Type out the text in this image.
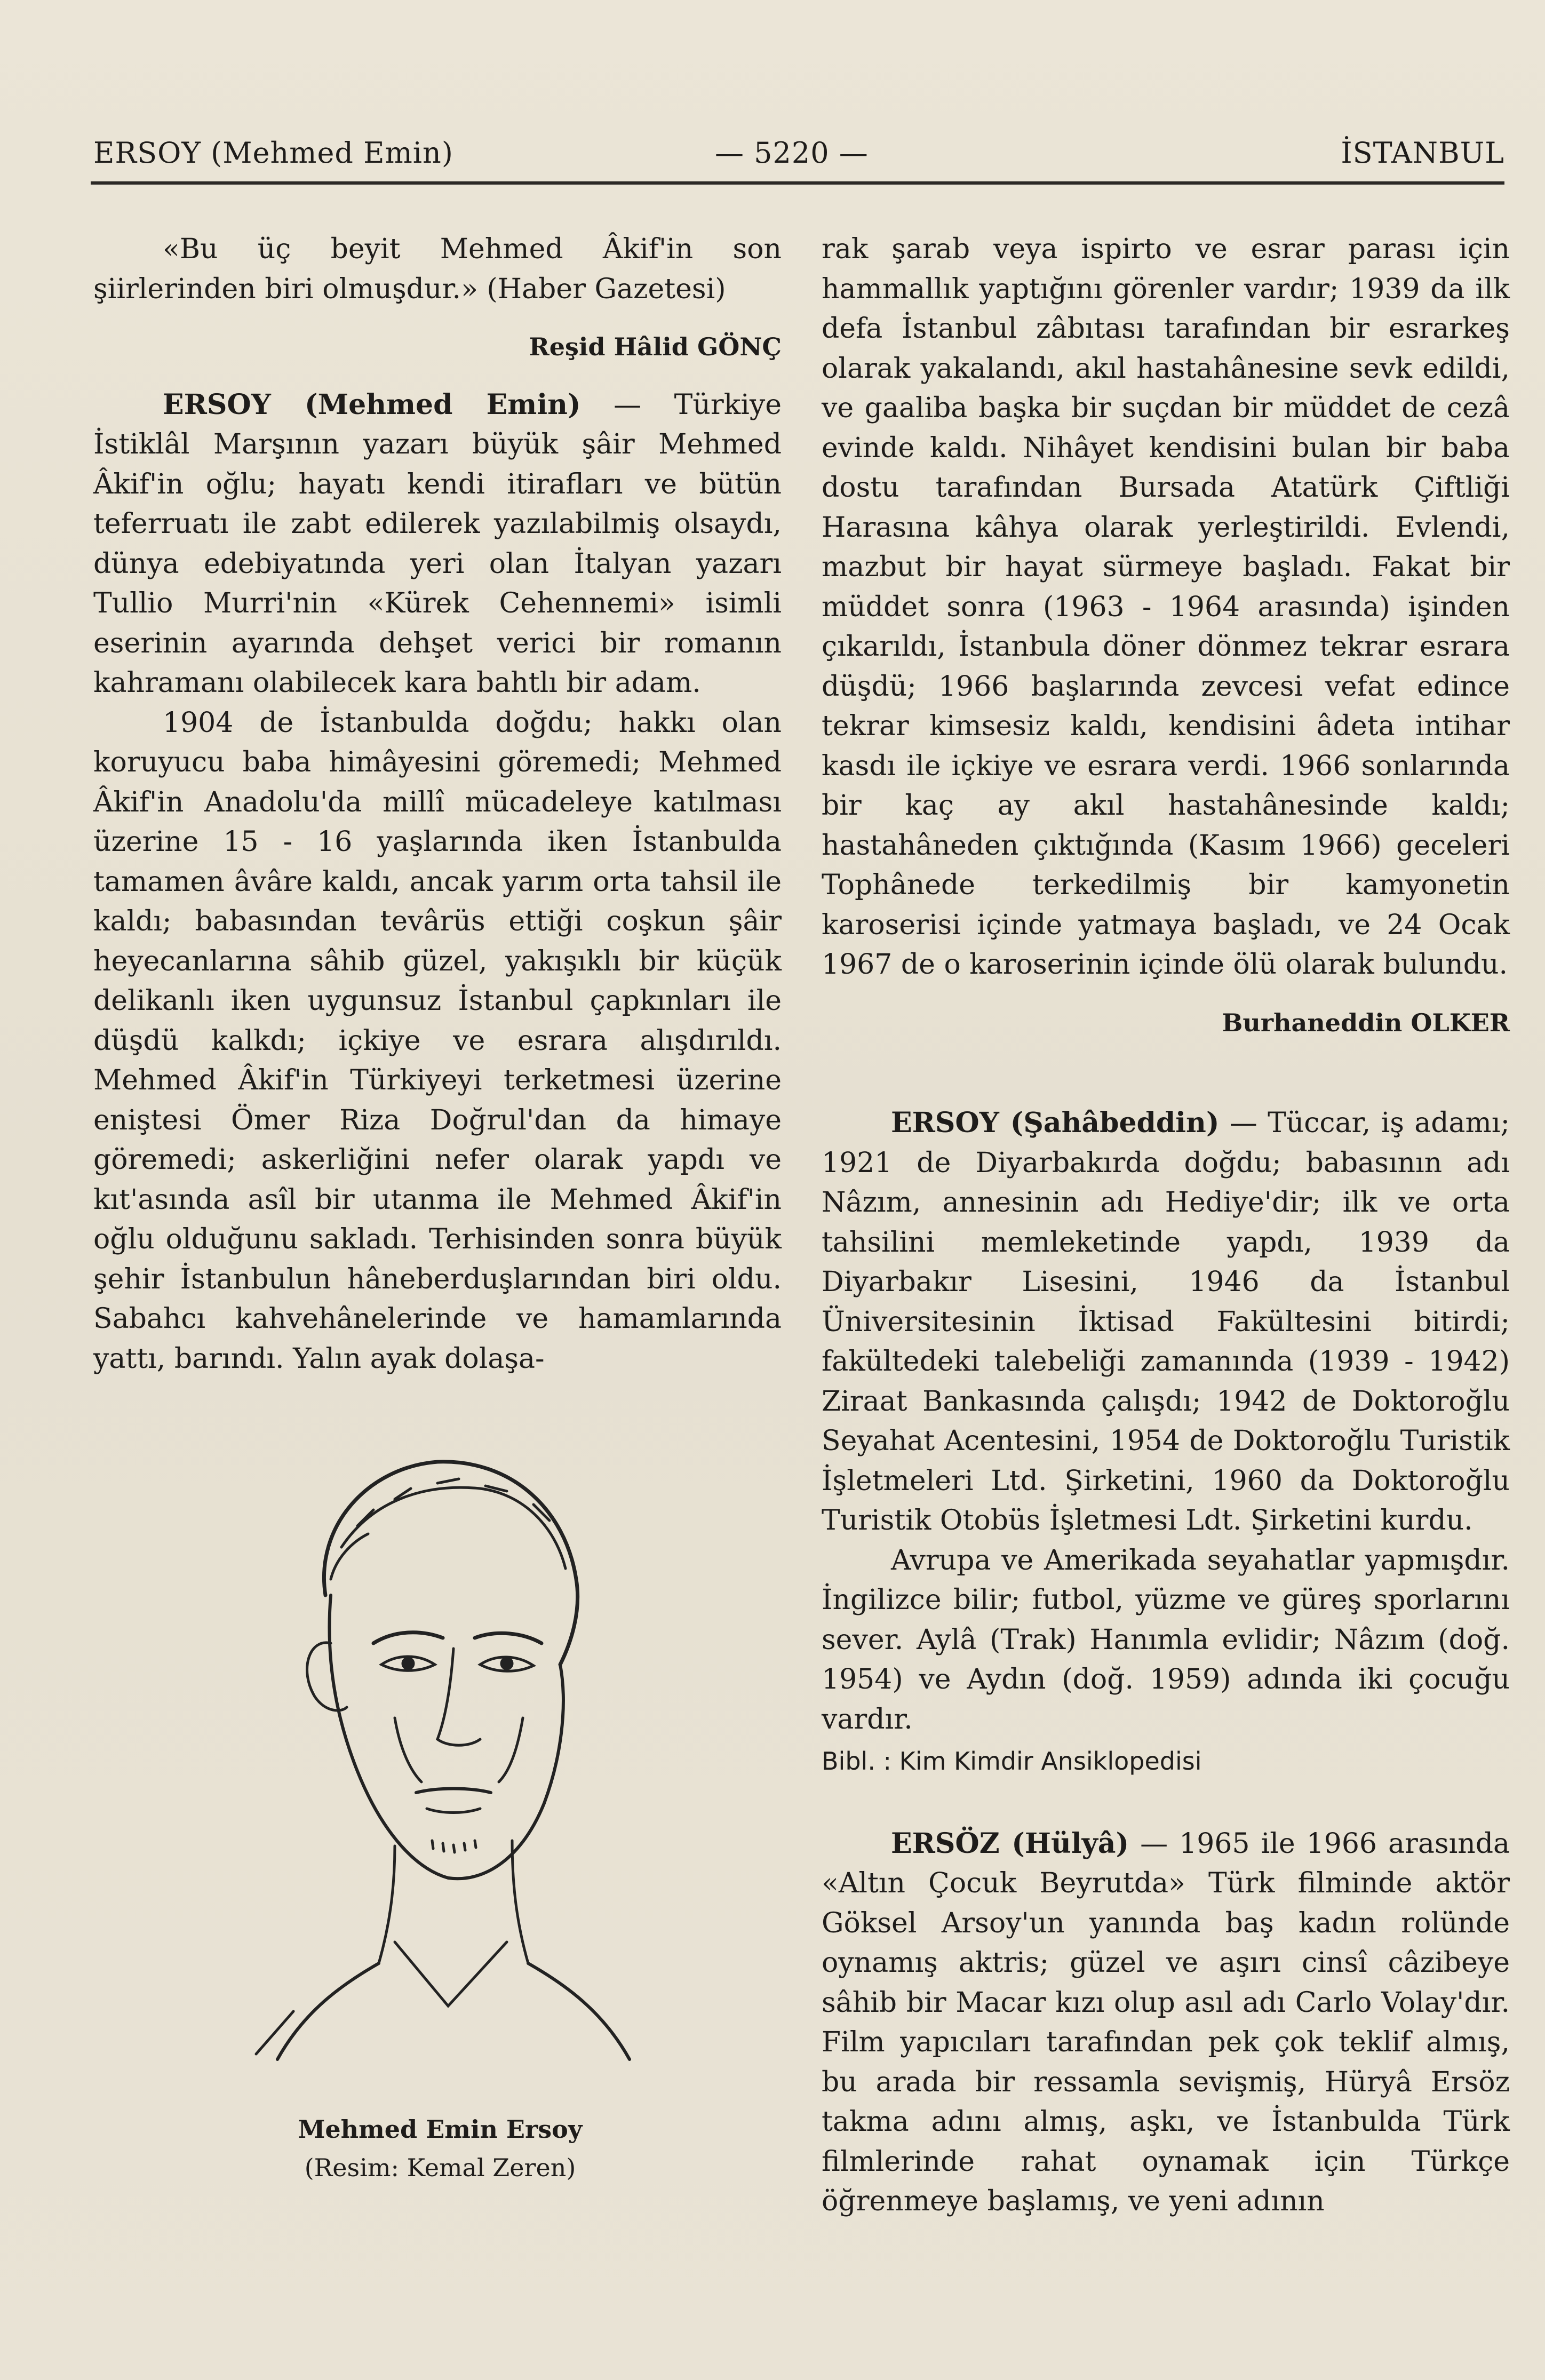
ERSOY (Mehmed Emin)	— 5220 —	İSTANBUL

«Bu üç beyit Mehmed Âkif'in son şiirlerinden biri olmuşdur.» (Haber Gazetesi)

Reşid Hâlid GÖNÇ

ERSOY (Mehmed Emin) — Türkiye İstiklâl Marşının yazarı büyük şâir Mehmed Âkif'in oğlu; hayatı kendi itirafları ve bütün teferruatı ile zabt edilerek yazılabilmiş olsaydı, dünya edebiyatında yeri olan İtalyan yazarı Tullio Murri'nin «Kürek Cehennemi» isimli eserinin ayarında dehşet verici bir romanın kahramanı olabilecek kara bahtlı bir adam.

1904 de İstanbulda doğdu; hakkı olan koruyucu baba himâyesini göremedi; Mehmed Âkif'in Anadolu'da millî mücadeleye katılması üzerine 15 - 16 yaşlarında iken İstanbulda tamamen âvâre kaldı, ancak yarım orta tahsil ile kaldı; babasından tevârüs ettiği coşkun şâir heyecanlarına sâhib güzel, yakışıklı bir küçük delikanlı iken uygunsuz İstanbul çapkınları ile düşdü kalkdı; içkiye ve esrara alışdırıldı. Mehmed Âkif'in Türkiyeyi terketmesi üzerine eniştesi Ömer Riza Doğrul'dan da himaye göremedi; askerliğini nefer olarak yapdı ve kıt'asında asîl bir utanma ile Mehmed Âkif'in oğlu olduğunu sakladı. Terhisinden sonra büyük şehir İstanbulun hâneberduşlarından biri oldu. Sabahcı kahvehânelerinde ve hamamlarında yattı, barındı. Yalın ayak dolaşa-

Mehmed Emin Ersoy
(Resim: Kemal Zeren)

rak şarab veya ispirto ve esrar parası için hammallık yaptığını görenler vardır; 1939 da ilk defa İstanbul zâbıtası tarafından bir esrarkeş olarak yakalandı, akıl hastahânesine sevk edildi, ve gaaliba başka bir suçdan bir müddet de cezâ evinde kaldı. Nihâyet kendisini bulan bir baba dostu tarafından Bursada Atatürk Çiftliği Harasına kâhya olarak yerleştirildi. Evlendi, mazbut bir hayat sürmeye başladı. Fakat bir müddet sonra (1963 - 1964 arasında) işinden çıkarıldı, İstanbula döner dönmez tekrar esrara düşdü; 1966 başlarında zevcesi vefat edince tekrar kimsesiz kaldı, kendisini âdeta intihar kasdı ile içkiye ve esrara verdi. 1966 sonlarında bir kaç ay akıl hastahânesinde kaldı; hastahâneden çıktığında (Kasım 1966) geceleri Tophânede terkedilmiş bir kamyonetin karoserisi içinde yatmaya başladı, ve 24 Ocak 1967 de o karoserinin içinde ölü olarak bulundu.

Burhaneddin OLKER

ERSOY (Şahâbeddin) — Tüccar, iş adamı; 1921 de Diyarbakırda doğdu; babasının adı Nâzım, annesinin adı Hediye'dir; ilk ve orta tahsilini memleketinde yapdı, 1939 da Diyarbakır Lisesini, 1946 da İstanbul Üniversitesinin İktisad Fakültesini bitirdi; fakültedeki talebeliği zamanında (1939 - 1942) Ziraat Bankasında çalışdı; 1942 de Doktoroğlu Seyahat Acentesini, 1954 de Doktoroğlu Turistik İşletmeleri Ltd. Şirketini, 1960 da Doktoroğlu Turistik Otobüs İşletmesi Ldt. Şirketini kurdu.

Avrupa ve Amerikada seyahatlar yapmışdır. İngilizce bilir; futbol, yüzme ve güreş sporlarını sever. Aylâ (Trak) Hanımla evlidir; Nâzım (doğ. 1954) ve Aydın (doğ. 1959) adında iki çocuğu vardır.

Bibl. : Kim Kimdir Ansiklopedisi

ERSÖZ (Hülyâ) — 1965 ile 1966 arasında «Altın Çocuk Beyrutda» Türk filminde aktör Göksel Arsoy'un yanında baş kadın rolünde oynamış aktris; güzel ve aşırı cinsî câzibeye sâhib bir Macar kızı olup asıl adı Carlo Volay'dır. Film yapıcıları tarafından pek çok teklif almış, bu arada bir ressamla sevişmiş, Hüryâ Ersöz takma adını almış, aşkı, ve İstanbulda Türk filmlerinde rahat oynamak için Türkçe öğrenmeye başlamış, ve yeni adının
